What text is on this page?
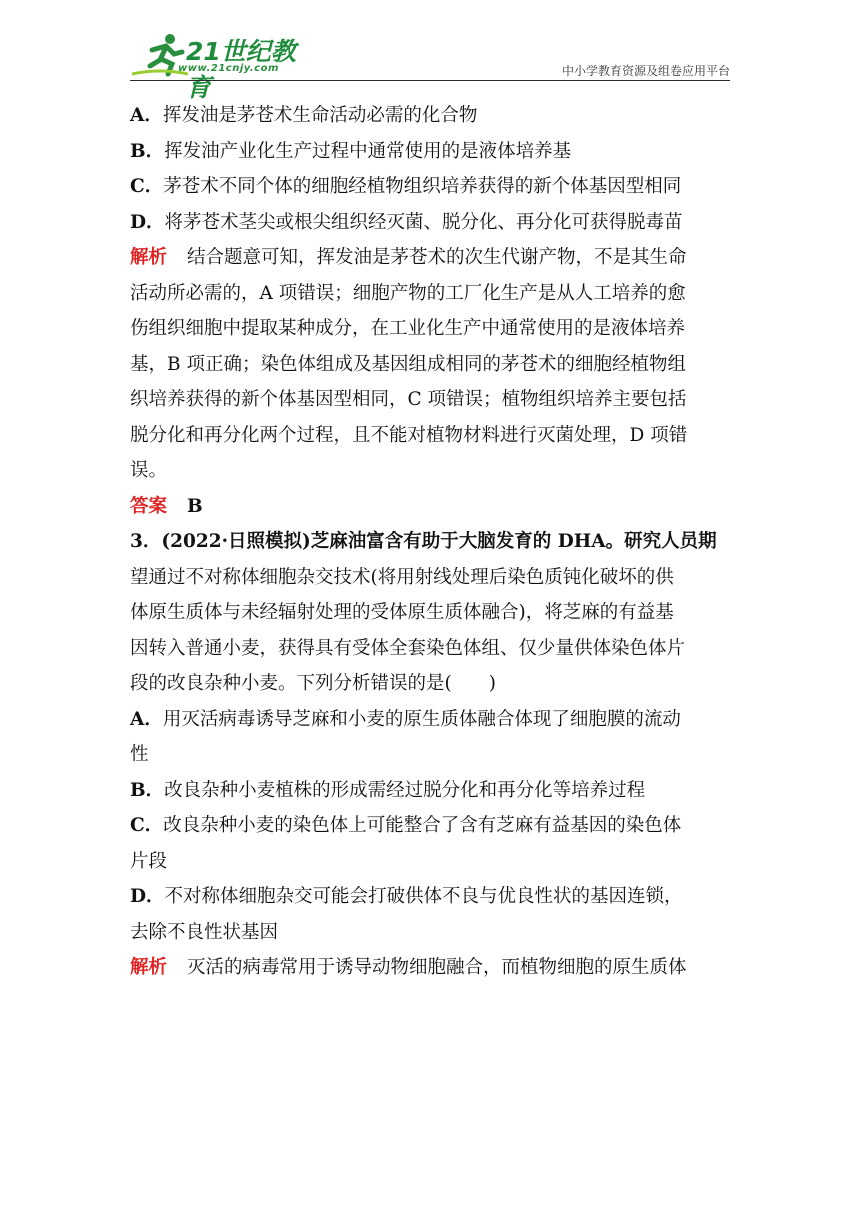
21世纪教育
www.21cnjy.com	中小学教育资源及组卷应用平台
A．挥发油是茅苍术生命活动必需的化合物
B．挥发油产业化生产过程中通常使用的是液体培养基
C．茅苍术不同个体的细胞经植物组织培养获得的新个体基因型相同
D．将茅苍术茎尖或根尖组织经灭菌、脱分化、再分化可获得脱毒苗
解析 结合题意可知，挥发油是茅苍术的次生代谢产物，不是其生命
活动所必需的，A 项错误；细胞产物的工厂化生产是从人工培养的愈
伤组织细胞中提取某种成分，在工业化生产中通常使用的是液体培养
基，B 项正确；染色体组成及基因组成相同的茅苍术的细胞经植物组
织培养获得的新个体基因型相同，C 项错误；植物组织培养主要包括
脱分化和再分化两个过程，且不能对植物材料进行灭菌处理，D 项错
误。
答案 B
3．(2022·日照模拟)芝麻油富含有助于大脑发育的 DHA。研究人员期
望通过不对称体细胞杂交技术(将用射线处理后染色质钝化破坏的供
体原生质体与未经辐射处理的受体原生质体融合)，将芝麻的有益基
因转入普通小麦，获得具有受体全套染色体组、仅少量供体染色体片
段的改良杂种小麦。下列分析错误的是(　　)
A．用灭活病毒诱导芝麻和小麦的原生质体融合体现了细胞膜的流动
性
B．改良杂种小麦植株的形成需经过脱分化和再分化等培养过程
C．改良杂种小麦的染色体上可能整合了含有芝麻有益基因的染色体
片段
D．不对称体细胞杂交可能会打破供体不良与优良性状的基因连锁，
去除不良性状基因
解析 灭活的病毒常用于诱导动物细胞融合，而植物细胞的原生质体
